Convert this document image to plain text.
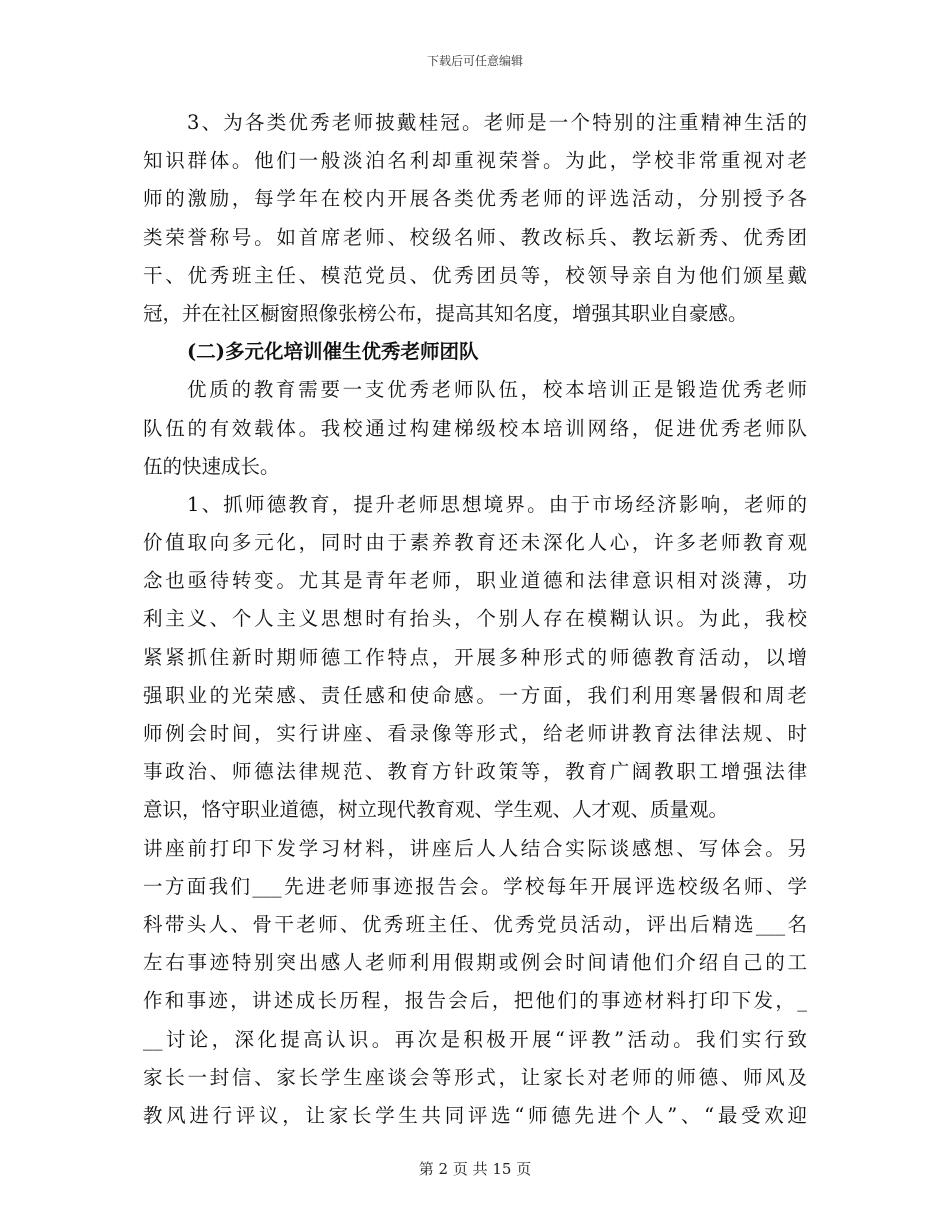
下载后可任意编辑
3、为各类优秀老师披戴桂冠。老师是一个特别的注重精神生活的
知识群体。他们一般淡泊名利却重视荣誉。为此，学校非常重视对老
师的激励，每学年在校内开展各类优秀老师的评选活动，分别授予各
类荣誉称号。如首席老师、校级名师、教改标兵、教坛新秀、优秀团
干、优秀班主任、模范党员、优秀团员等，校领导亲自为他们颁星戴
冠，并在社区橱窗照像张榜公布，提高其知名度，增强其职业自豪感。
(二)多元化培训催生优秀老师团队
优质的教育需要一支优秀老师队伍，校本培训正是锻造优秀老师
队伍的有效载体。我校通过构建梯级校本培训网络，促进优秀老师队
伍的快速成长。
1、抓师德教育，提升老师思想境界。由于市场经济影响，老师的
价值取向多元化，同时由于素养教育还未深化人心，许多老师教育观
念也亟待转变。尤其是青年老师，职业道德和法律意识相对淡薄，功
利主义、个人主义思想时有抬头，个别人存在模糊认识。为此，我校
紧紧抓住新时期师德工作特点，开展多种形式的师德教育活动，以增
强职业的光荣感、责任感和使命感。一方面，我们利用寒暑假和周老
师例会时间，实行讲座、看录像等形式，给老师讲教育法律法规、时
事政治、师德法律规范、教育方针政策等，教育广阔教职工增强法律
意识，恪守职业道德，树立现代教育观、学生观、人才观、质量观。
讲座前打印下发学习材料，讲座后人人结合实际谈感想、写体会。另
一方面我们___先进老师事迹报告会。学校每年开展评选校级名师、学
科带头人、骨干老师、优秀班主任、优秀党员活动，评出后精选___名
左右事迹特别突出感人老师利用假期或例会时间请他们介绍自己的工
作和事迹，讲述成长历程，报告会后，把他们的事迹材料打印下发，_
__讨论，深化提高认识。再次是积极开展“评教”活动。我们实行致
家长一封信、家长学生座谈会等形式，让家长对老师的师德、师风及
教风进行评议，让家长学生共同评选“师德先进个人”、“最受欢迎
第 2 页 共 15 页
